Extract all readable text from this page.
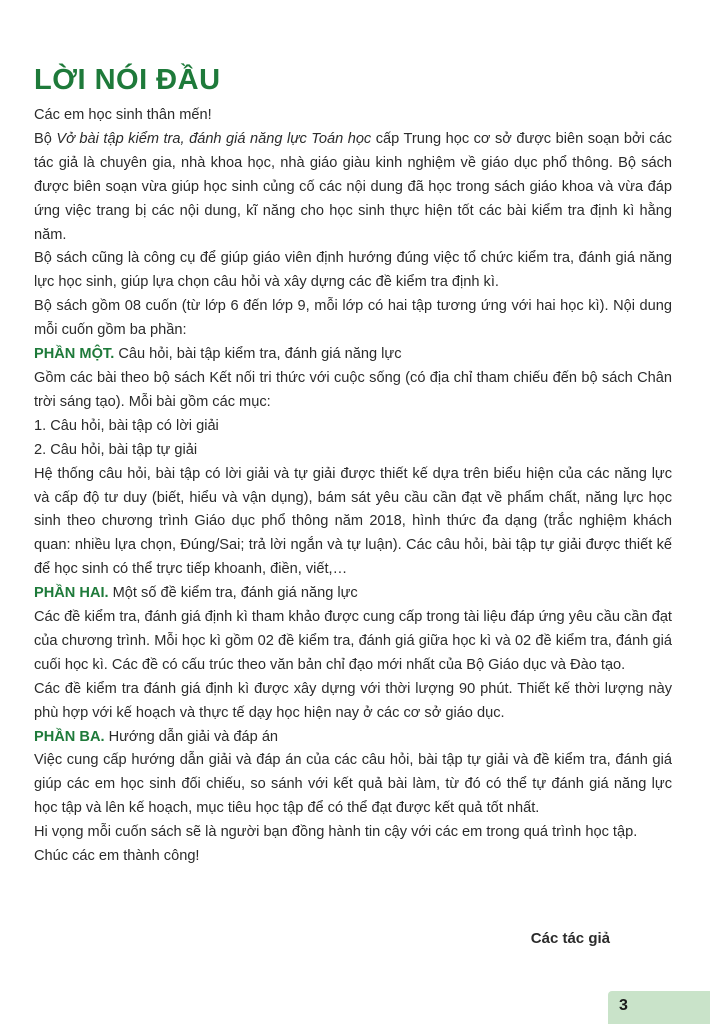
LỜI NÓI ĐẦU

Các em học sinh thân mến!

Bộ Vở bài tập kiểm tra, đánh giá năng lực Toán học cấp Trung học cơ sở được biên soạn bởi các tác giả là chuyên gia, nhà khoa học, nhà giáo giàu kinh nghiệm về giáo dục phổ thông. Bộ sách được biên soạn vừa giúp học sinh củng cố các nội dung đã học trong sách giáo khoa và vừa đáp ứng việc trang bị các nội dung, kĩ năng cho học sinh thực hiện tốt các bài kiểm tra định kì hằng năm.

Bộ sách cũng là công cụ để giúp giáo viên định hướng đúng việc tổ chức kiểm tra, đánh giá năng lực học sinh, giúp lựa chọn câu hỏi và xây dựng các đề kiểm tra định kì.

Bộ sách gồm 08 cuốn (từ lớp 6 đến lớp 9, mỗi lớp có hai tập tương ứng với hai học kì). Nội dung mỗi cuốn gồm ba phần:

PHẦN MỘT. Câu hỏi, bài tập kiểm tra, đánh giá năng lực

Gồm các bài theo bộ sách Kết nối tri thức với cuộc sống (có địa chỉ tham chiếu đến bộ sách Chân trời sáng tạo). Mỗi bài gồm các mục:

1. Câu hỏi, bài tập có lời giải

2. Câu hỏi, bài tập tự giải

Hệ thống câu hỏi, bài tập có lời giải và tự giải được thiết kế dựa trên biểu hiện của các năng lực và cấp độ tư duy (biết, hiểu và vận dụng), bám sát yêu cầu cần đạt về phẩm chất, năng lực học sinh theo chương trình Giáo dục phổ thông năm 2018, hình thức đa dạng (trắc nghiệm khách quan: nhiều lựa chọn, Đúng/Sai; trả lời ngắn và tự luận). Các câu hỏi, bài tập tự giải được thiết kế để học sinh có thể trực tiếp khoanh, điền, viết,…

PHẦN HAI. Một số đề kiểm tra, đánh giá năng lực

Các đề kiểm tra, đánh giá định kì tham khảo được cung cấp trong tài liệu đáp ứng yêu cầu cần đạt của chương trình. Mỗi học kì gồm 02 đề kiểm tra, đánh giá giữa học kì và 02 đề kiểm tra, đánh giá cuối học kì. Các đề có cấu trúc theo văn bản chỉ đạo mới nhất của Bộ Giáo dục và Đào tạo.

Các đề kiểm tra đánh giá định kì được xây dựng với thời lượng 90 phút. Thiết kế thời lượng này phù hợp với kế hoạch và thực tế dạy học hiện nay ở các cơ sở giáo dục.

PHẦN BA. Hướng dẫn giải và đáp án

Việc cung cấp hướng dẫn giải và đáp án của các câu hỏi, bài tập tự giải và đề kiểm tra, đánh giá giúp các em học sinh đối chiếu, so sánh với kết quả bài làm, từ đó có thể tự đánh giá năng lực học tập và lên kế hoạch, mục tiêu học tập để có thể đạt được kết quả tốt nhất.

Hi vọng mỗi cuốn sách sẽ là người bạn đồng hành tin cậy với các em trong quá trình học tập.

Chúc các em thành công!

Các tác giả
3
